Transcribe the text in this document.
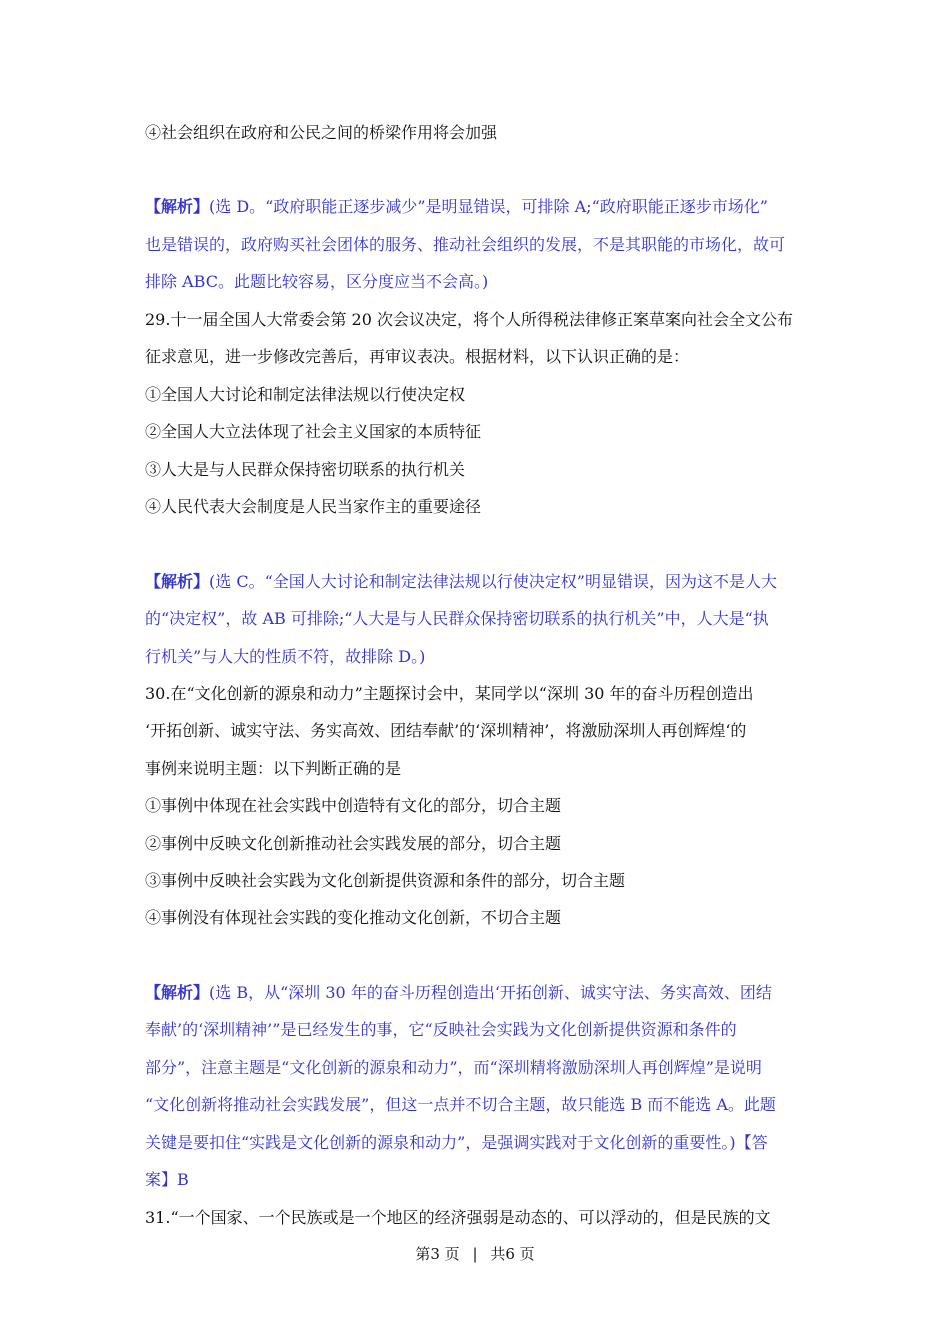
④社会组织在政府和公民之间的桥梁作用将会加强
【解析】(选 D。“政府职能正逐步减少”是明显错误，可排除 A;“政府职能正逐步市场化”
也是错误的，政府购买社会团体的服务、推动社会组织的发展，不是其职能的市场化，故可
排除 ABC。此题比较容易，区分度应当不会高。)
29.十一届全国人大常委会第 20 次会议决定，将个人所得税法律修正案草案向社会全文公布
征求意见，进一步修改完善后，再审议表决。根据材料，以下认识正确的是：
①全国人大讨论和制定法律法规以行使决定权
②全国人大立法体现了社会主义国家的本质特征
③人大是与人民群众保持密切联系的执行机关
④人民代表大会制度是人民当家作主的重要途径
【解析】(选 C。“全国人大讨论和制定法律法规以行使决定权”明显错误，因为这不是人大
的“决定权”，故 AB 可排除;“人大是与人民群众保持密切联系的执行机关”中，人大是“执
行机关”与人大的性质不符，故排除 D。)
30.在“文化创新的源泉和动力”主题探讨会中，某同学以“深圳 30 年的奋斗历程创造出
‘开拓创新、诚实守法、务实高效、团结奉献’的‘深圳精神’，将激励深圳人再创辉煌‘的
事例来说明主题：以下判断正确的是
①事例中体现在社会实践中创造特有文化的部分，切合主题
②事例中反映文化创新推动社会实践发展的部分，切合主题
③事例中反映社会实践为文化创新提供资源和条件的部分，切合主题
④事例没有体现社会实践的变化推动文化创新，不切合主题
【解析】(选 B，从“深圳 30 年的奋斗历程创造出‘开拓创新、诚实守法、务实高效、团结
奉献’的‘深圳精神’”是已经发生的事，它“反映社会实践为文化创新提供资源和条件的
部分”，注意主题是“文化创新的源泉和动力”，而“深圳精将激励深圳人再创辉煌”是说明
“文化创新将推动社会实践发展”，但这一点并不切合主题，故只能选 B 而不能选 A。此题
关键是要扣住“实践是文化创新的源泉和动力”，是强调实践对于文化创新的重要性。)【答
案】B
31.“一个国家、一个民族或是一个地区的经济强弱是动态的、可以浮动的，但是民族的文
第3 页 | 共6 页
